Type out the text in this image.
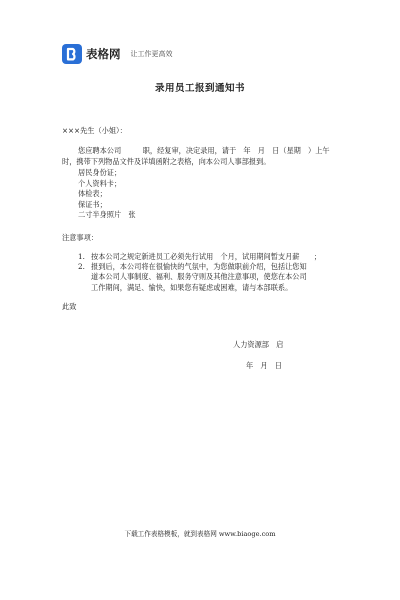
表格网 让工作更高效
录用员工报到通知书
×××先生（小姐）：
您应聘本公司　　　职，经复审，决定录用，请于　年　月　日（星期　）上午
时，携带下列物品文件及详填函附之表格，向本公司人事部报到。
居民身份证；
个人资料卡；
体检表；
保证书；
二寸半身照片　张
注意事项：
1. 按本公司之规定新进员工必须先行试用　个月，试用期间暂支月薪　　；
2. 报到后，本公司将在很愉快的气氛中，为您做职前介绍，包括让您知
道本公司人事制度、福利、服务守则及其他注意事项，使您在本公司
工作期间，满足、愉快，如果您有疑虑或困难，请与本部联系。
此致
人力资源部　启
年　月　日
下载工作表格模板，就到表格网 www.biaoge.com
